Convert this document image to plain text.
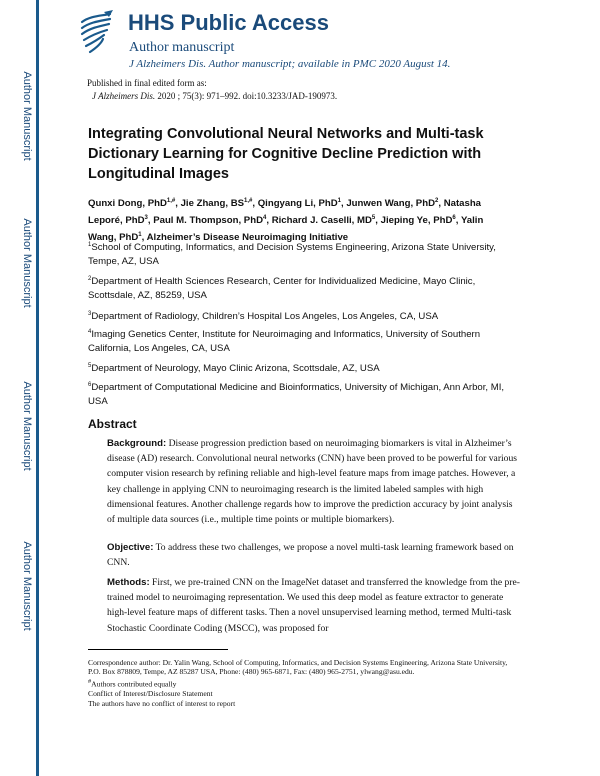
Author Manuscript
Author Manuscript
Author Manuscript
Author Manuscript
HHS Public Access
Author manuscript
J Alzheimers Dis. Author manuscript; available in PMC 2020 August 14.
Published in final edited form as:
J Alzheimers Dis. 2020 ; 75(3): 971–992. doi:10.3233/JAD-190973.
Integrating Convolutional Neural Networks and Multi-task Dictionary Learning for Cognitive Decline Prediction with Longitudinal Images
Qunxi Dong, PhD$^{1,\#}$, Jie Zhang, $BS^{1,\#}$, Qingyang Li, PhD$^1$, Junwen Wang, PhD$^2$, Natasha Leporé, PhD$^3$, Paul M. Thompson, PhD$^4$, Richard J. Caselli, $MD^5$, Jieping Ye, PhD$^6$, Yalin Wang, PhD$^1$, Alzheimer’s Disease Neuroimaging Initiative
$^1$School of Computing, Informatics, and Decision Systems Engineering, Arizona State University, Tempe, AZ, USA
$^2$Department of Health Sciences Research, Center for Individualized Medicine, Mayo Clinic, Scottsdale, AZ, 85259, USA
$^3$Department of Radiology, Children’s Hospital Los Angeles, Los Angeles, CA, USA
$^4$Imaging Genetics Center, Institute for Neuroimaging and Informatics, University of Southern California, Los Angeles, CA, USA
$^5$Department of Neurology, Mayo Clinic Arizona, Scottsdale, AZ, USA
$^6$Department of Computational Medicine and Bioinformatics, University of Michigan, Ann Arbor, MI, USA
Abstract
Background: Disease progression prediction based on neuroimaging biomarkers is vital in Alzheimer’s disease (AD) research. Convolutional neural networks (CNN) have been proved to be powerful for various computer vision research by refining reliable and high-level feature maps from image patches. However, a key challenge in applying CNN to neuroimaging research is the limited labeled samples with high dimensional features. Another challenge regards how to improve the prediction accuracy by joint analysis of multiple data sources (i.e., multiple time points or multiple biomarkers).
Objective: To address these two challenges, we propose a novel multi-task learning framework based on CNN.
Methods: First, we pre-trained CNN on the ImageNet dataset and transferred the knowledge from the pre-trained model to neuroimaging representation. We used this deep model as feature extractor to generate high-level feature maps of different tasks. Then a novel unsupervised learning method, termed Multi-task Stochastic Coordinate Coding (MSCC), was proposed for
Correspondence author: Dr. Yalin Wang, School of Computing, Informatics, and Decision Systems Engineering, Arizona State University, P.O. Box 878809, Tempe, AZ 85287 USA, Phone: (480) 965-6871, Fax: (480) 965-2751, ylwang@asu.edu.
#Authors contributed equally
Conflict of Interest/Disclosure Statement
The authors have no conflict of interest to report
